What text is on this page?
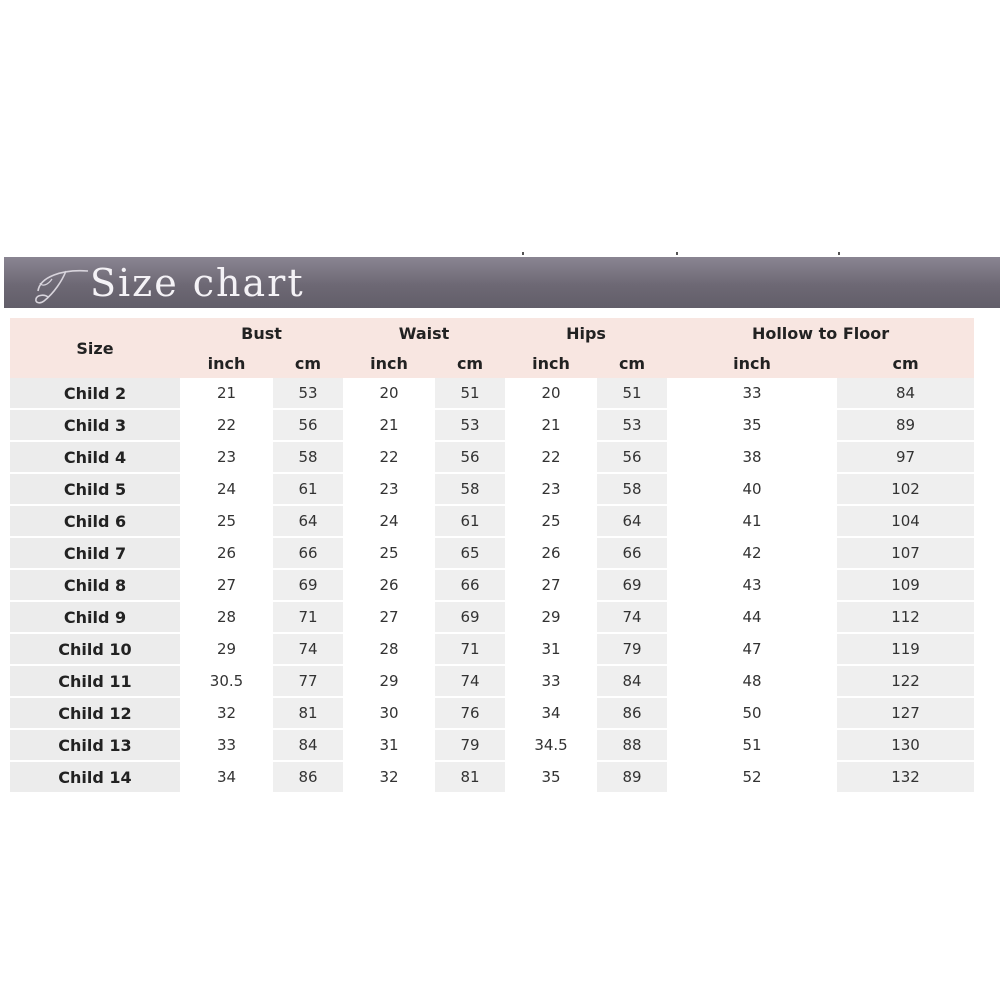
Size chart
Size	Bust		Waist		Hips		Hollow to Floor	
	inch	cm	inch	cm	inch	cm	inch	cm
Child 2	21	53	20	51	20	51	33	84
Child 3	22	56	21	53	21	53	35	89
Child 4	23	58	22	56	22	56	38	97
Child 5	24	61	23	58	23	58	40	102
Child 6	25	64	24	61	25	64	41	104
Child 7	26	66	25	65	26	66	42	107
Child 8	27	69	26	66	27	69	43	109
Child 9	28	71	27	69	29	74	44	112
Child 10	29	74	28	71	31	79	47	119
Child 11	30.5	77	29	74	33	84	48	122
Child 12	32	81	30	76	34	86	50	127
Child 13	33	84	31	79	34.5	88	51	130
Child 14	34	86	32	81	35	89	52	132
